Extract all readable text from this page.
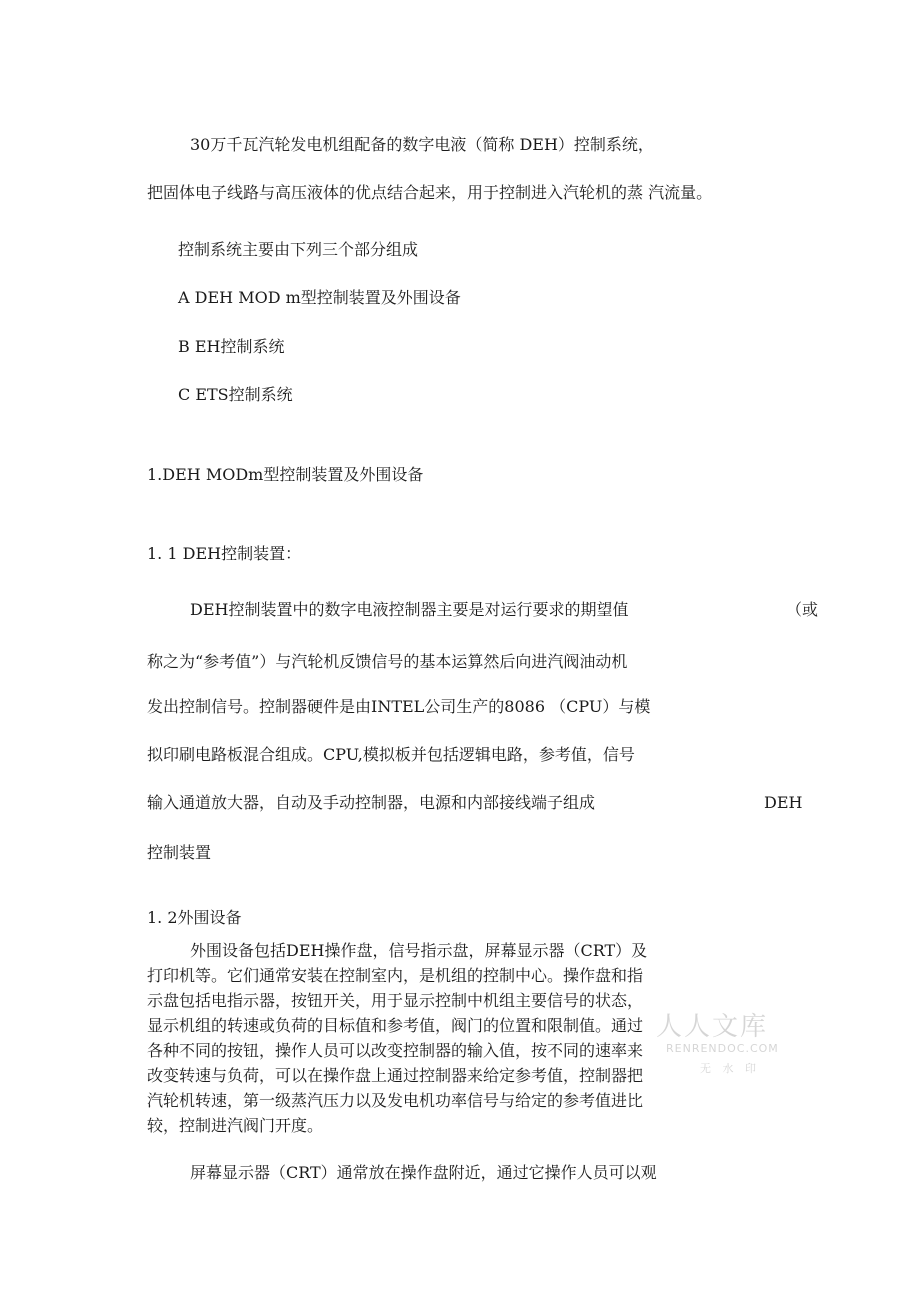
30万千瓦汽轮发电机组配备的数字电液（简称 DEH）控制系统，
把固体电子线路与高压液体的优点结合起来，用于控制进入汽轮机的蒸 汽流量。
控制系统主要由下列三个部分组成
A DEH MOD m型控制装置及外围设备
B EH控制系统
C ETS控制系统
1.DEH MODm型控制装置及外围设备
1. 1 DEH控制装置：
DEH控制装置中的数字电液控制器主要是对运行要求的期望值	（或
称之为“参考值”）与汽轮机反馈信号的基本运算然后向进汽阀油动机
发出控制信号。控制器硬件是由INTEL公司生产的8086 （CPU）与模
拟印刷电路板混合组成。CPU,模拟板并包括逻辑电路，参考值，信号
输入通道放大器，自动及手动控制器，电源和内部接线端子组成	DEH
控制装置
1. 2外围设备
外围设备包括DEH操作盘，信号指示盘，屏幕显示器（CRT）及
打印机等。它们通常安装在控制室内，是机组的控制中心。操作盘和指
示盘包括电指示器，按钮开关，用于显示控制中机组主要信号的状态，
显示机组的转速或负荷的目标值和参考值，阀门的位置和限制值。通过
各种不同的按钮，操作人员可以改变控制器的输入值，按不同的速率来
改变转速与负荷，可以在操作盘上通过控制器来给定参考值，控制器把
汽轮机转速，第一级蒸汽压力以及发电机功率信号与给定的参考值进比
较，控制进汽阀门开度。
屏幕显示器（CRT）通常放在操作盘附近，通过它操作人员可以观
人人文库
RENRENDOC.COM
无 水 印
